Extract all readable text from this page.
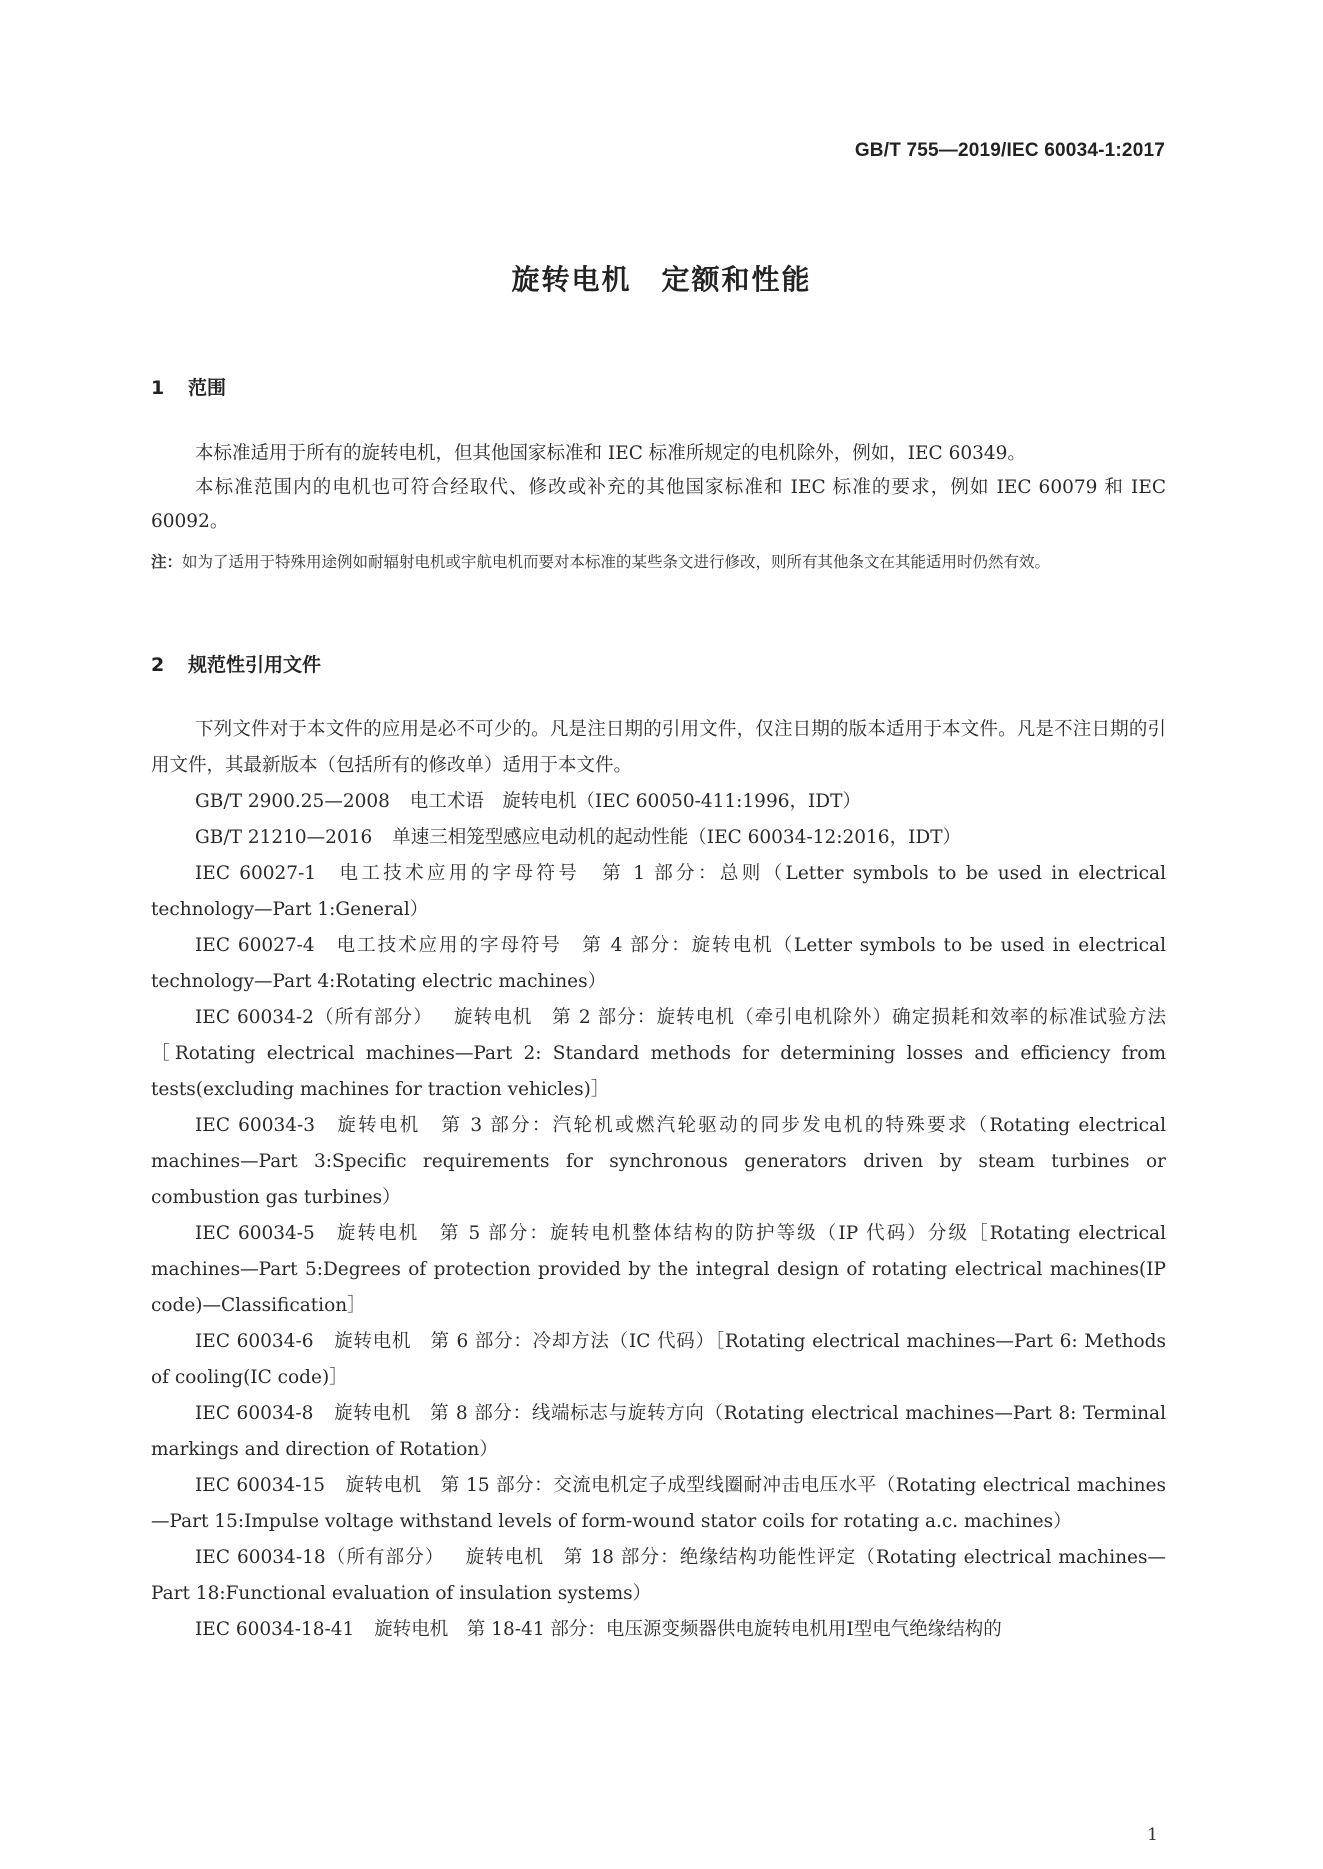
GB/T 755—2019/IEC 60034-1:2017
旋转电机　定额和性能
1 范围

本标准适用于所有的旋转电机，但其他国家标准和 IEC 标准所规定的电机除外，例如，IEC 60349。

本标准范围内的电机也可符合经取代、修改或补充的其他国家标准和 IEC 标准的要求，例如 IEC 60079 和 IEC 60092。

注：如为了适用于特殊用途例如耐辐射电机或宇航电机而要对本标准的某些条文进行修改，则所有其他条文在其能适用时仍然有效。

2 规范性引用文件

下列文件对于本文件的应用是必不可少的。凡是注日期的引用文件，仅注日期的版本适用于本文件。凡是不注日期的引用文件，其最新版本（包括所有的修改单）适用于本文件。

GB/T 2900.25—2008 电工术语　旋转电机（IEC 60050-411:1996，IDT）

GB/T 21210—2016 单速三相笼型感应电动机的起动性能（IEC 60034-12:2016，IDT）

IEC 60027-1 电工技术应用的字母符号　第 1 部分：总则（Letter symbols to be used in electrical technology—Part 1:General）

IEC 60027-4 电工技术应用的字母符号　第 4 部分：旋转电机（Letter symbols to be used in electrical technology—Part 4:Rotating electric machines）

IEC 60034-2（所有部分） 旋转电机　第 2 部分：旋转电机（牵引电机除外）确定损耗和效率的标准试验方法［Rotating electrical machines—Part 2: Standard methods for determining losses and efficiency from tests(excluding machines for traction vehicles)］

IEC 60034-3 旋转电机　第 3 部分：汽轮机或燃汽轮驱动的同步发电机的特殊要求（Rotating electrical machines—Part 3:Specific requirements for synchronous generators driven by steam turbines or combustion gas turbines）

IEC 60034-5 旋转电机　第 5 部分：旋转电机整体结构的防护等级（IP 代码）分级［Rotating electrical machines—Part 5:Degrees of protection provided by the integral design of rotating electrical machines(IP code)—Classification］

IEC 60034-6 旋转电机　第 6 部分：冷却方法（IC 代码）［Rotating electrical machines—Part 6: Methods of cooling(IC code)］

IEC 60034-8 旋转电机　第 8 部分：线端标志与旋转方向（Rotating electrical machines—Part 8: Terminal markings and direction of Rotation）

IEC 60034-15 旋转电机　第 15 部分：交流电机定子成型线圈耐冲击电压水平（Rotating electrical machines—Part 15:Impulse voltage withstand levels of form-wound stator coils for rotating a.c. machines）

IEC 60034-18（所有部分） 旋转电机　第 18 部分：绝缘结构功能性评定（Rotating electrical machines—Part 18:Functional evaluation of insulation systems）

IEC 60034-18-41 旋转电机　第 18-41 部分：电压源变频器供电旋转电机用Ⅰ型电气绝缘结构的

1
